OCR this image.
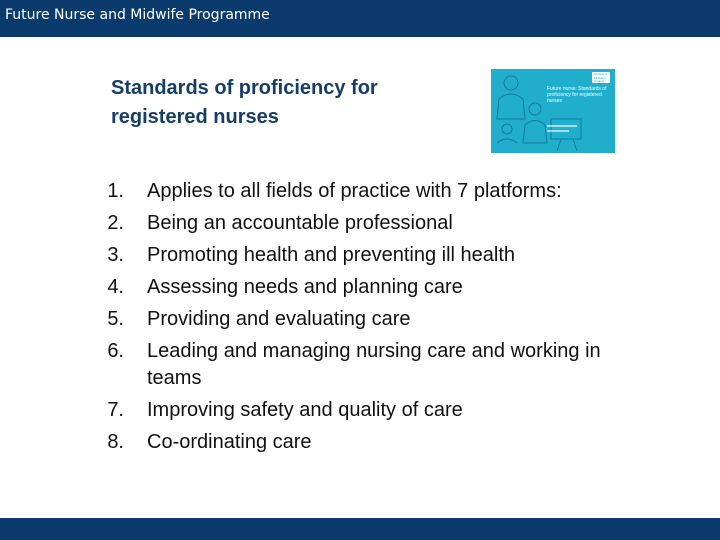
Future Nurse and Midwife Programme
Standards of proficiency for
registered nurses
Nursing & Midwifery Council
Future nurse: Standards of proficiency for registered nurses
1. Applies to all fields of practice with 7 platforms:
2. Being an accountable professional
3. Promoting health and preventing ill health
4. Assessing needs and planning care
5. Providing and evaluating care
6. Leading and managing nursing care and working in teams
7. Improving safety and quality of care
8. Co-ordinating care
